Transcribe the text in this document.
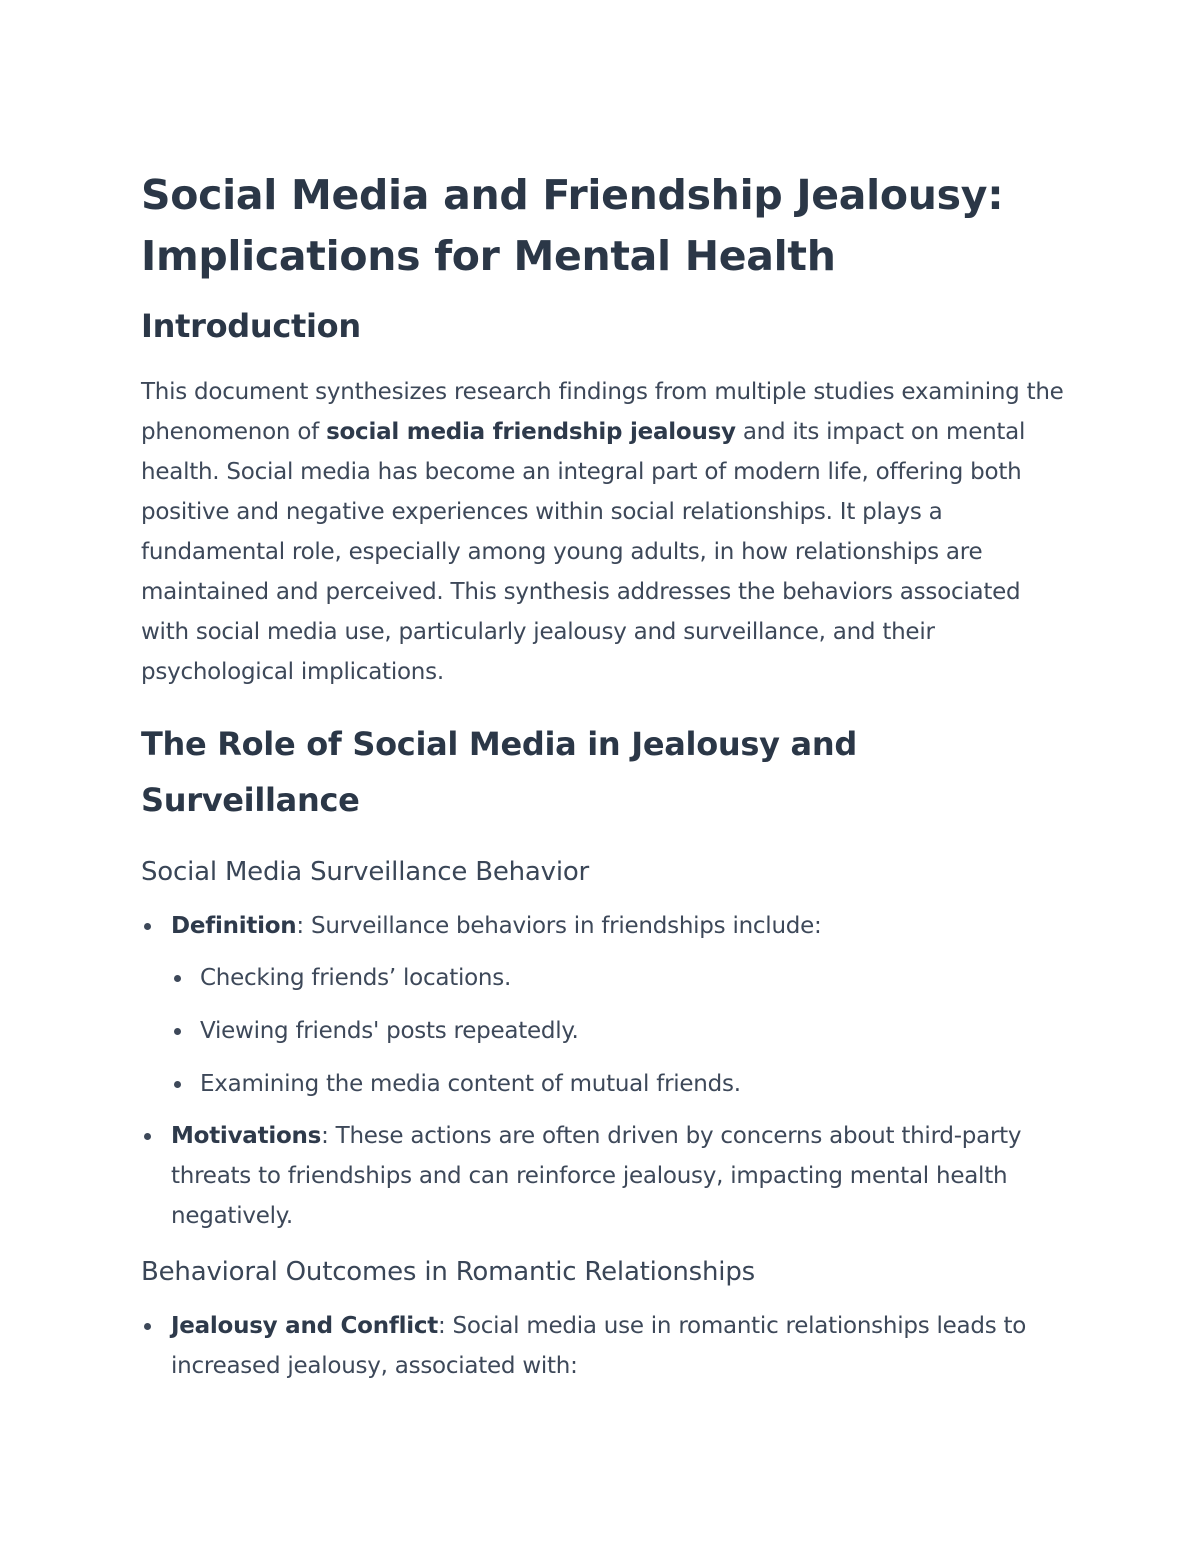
Social Media and Friendship Jealousy: Implications for Mental Health
Introduction

This document synthesizes research findings from multiple studies examining the phenomenon of social media friendship jealousy and its impact on mental health. Social media has become an integral part of modern life, offering both positive and negative experiences within social relationships. It plays a fundamental role, especially among young adults, in how relationships are maintained and perceived. This synthesis addresses the behaviors associated with social media use, particularly jealousy and surveillance, and their psychological implications.

The Role of Social Media in Jealousy and Surveillance
Social Media Surveillance Behavior
Definition: Surveillance behaviors in friendships include:
Checking friends’ locations.
Viewing friends' posts repeatedly.
Examining the media content of mutual friends.
Motivations: These actions are often driven by concerns about third-party threats to friendships and can reinforce jealousy, impacting mental health negatively.
Behavioral Outcomes in Romantic Relationships
Jealousy and Conflict: Social media use in romantic relationships leads to increased jealousy, associated with:
